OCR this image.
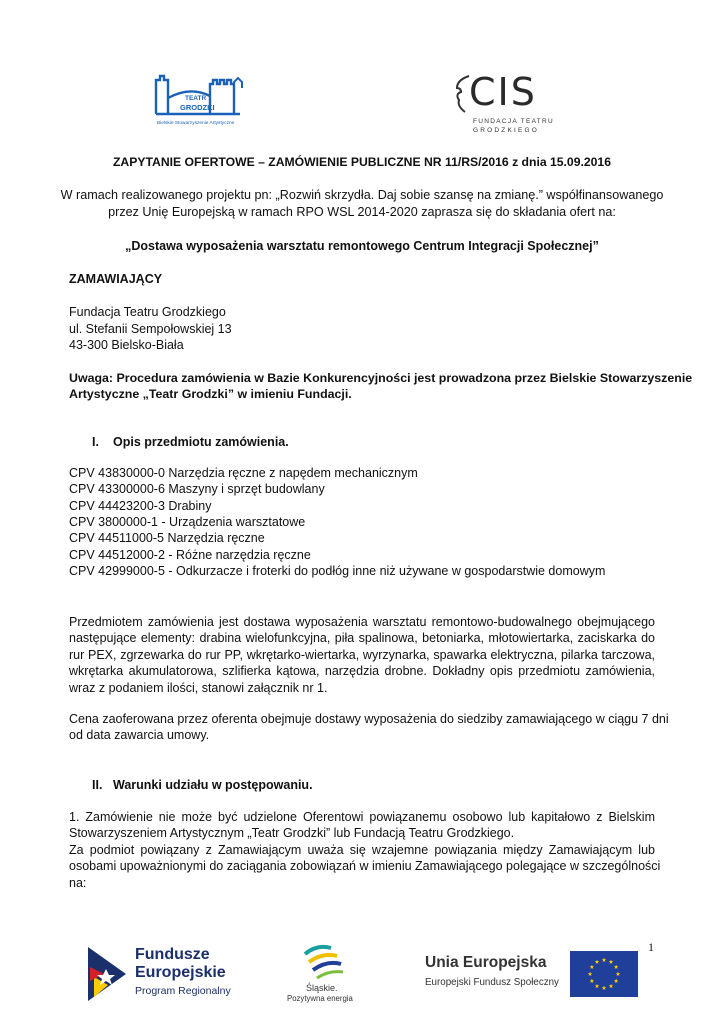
TEATR
GRODZKI
Bielskie Stowarzyszenie Artystyczne
CIS
FUNDACJA TEATRU
GRODZKIEGO
ZAPYTANIE OFERTOWE – ZAMÓWIENIE PUBLICZNE NR 11/RS/2016 z dnia 15.09.2016
W ramach realizowanego projektu pn: „Rozwiń skrzydła. Daj sobie szansę na zmianę.” współfinansowanego
przez Unię Europejską w ramach RPO WSL 2014-2020 zaprasza się do składania ofert na:
„Dostawa wyposażenia warsztatu remontowego Centrum Integracji Społecznej”
ZAMAWIAJĄCY
Fundacja Teatru Grodzkiego
ul. Stefanii Sempołowskiej 13
43-300 Bielsko-Biała
Uwaga: Procedura zamówienia w Bazie Konkurencyjności jest prowadzona przez Bielskie Stowarzyszenie
Artystyczne „Teatr Grodzki” w imieniu Fundacji.
I. Opis przedmiotu zamówienia.
CPV 43830000-0 Narzędzia ręczne z napędem mechanicznym
CPV 43300000-6 Maszyny i sprzęt budowlany
CPV 44423200-3 Drabiny
CPV 3800000-1 - Urządzenia warsztatowe
CPV 44511000-5 Narzędzia ręczne
CPV 44512000-2 - Różne narzędzia ręczne
CPV 42999000-5 - Odkurzacze i froterki do podłóg inne niż używane w gospodarstwie domowym
Przedmiotem zamówienia jest dostawa wyposażenia warsztatu remontowo-budowalnego obejmującego
następujące elementy: drabina wielofunkcyjna, piła spalinowa, betoniarka, młotowiertarka, zaciskarka do
rur PEX, zgrzewarka do rur PP, wkrętarko-wiertarka, wyrzynarka, spawarka elektryczna, pilarka tarczowa,
wkrętarka akumulatorowa, szlifierka kątowa, narzędzia drobne. Dokładny opis przedmiotu zamówienia,
wraz z podaniem ilości, stanowi załącznik nr 1.
Cena zaoferowana przez oferenta obejmuje dostawy wyposażenia do siedziby zamawiającego w ciągu 7 dni
od data zawarcia umowy.
II. Warunki udziału w postępowaniu.
1. Zamówienie nie może być udzielone Oferentowi powiązanemu osobowo lub kapitałowo z Bielskim
Stowarzyszeniem Artystycznym „Teatr Grodzki” lub Fundacją Teatru Grodzkiego.
Za podmiot powiązany z Zamawiającym uważa się wzajemne powiązania między Zamawiającym lub
osobami upoważnionymi do zaciągania zobowiązań w imieniu Zamawiającego polegające w szczególności
na:
1
Fundusze
Europejskie
Program Regionalny	Śląskie.
Pozytywna energia
Unia Europejska
Europejski Fundusz Społeczny
